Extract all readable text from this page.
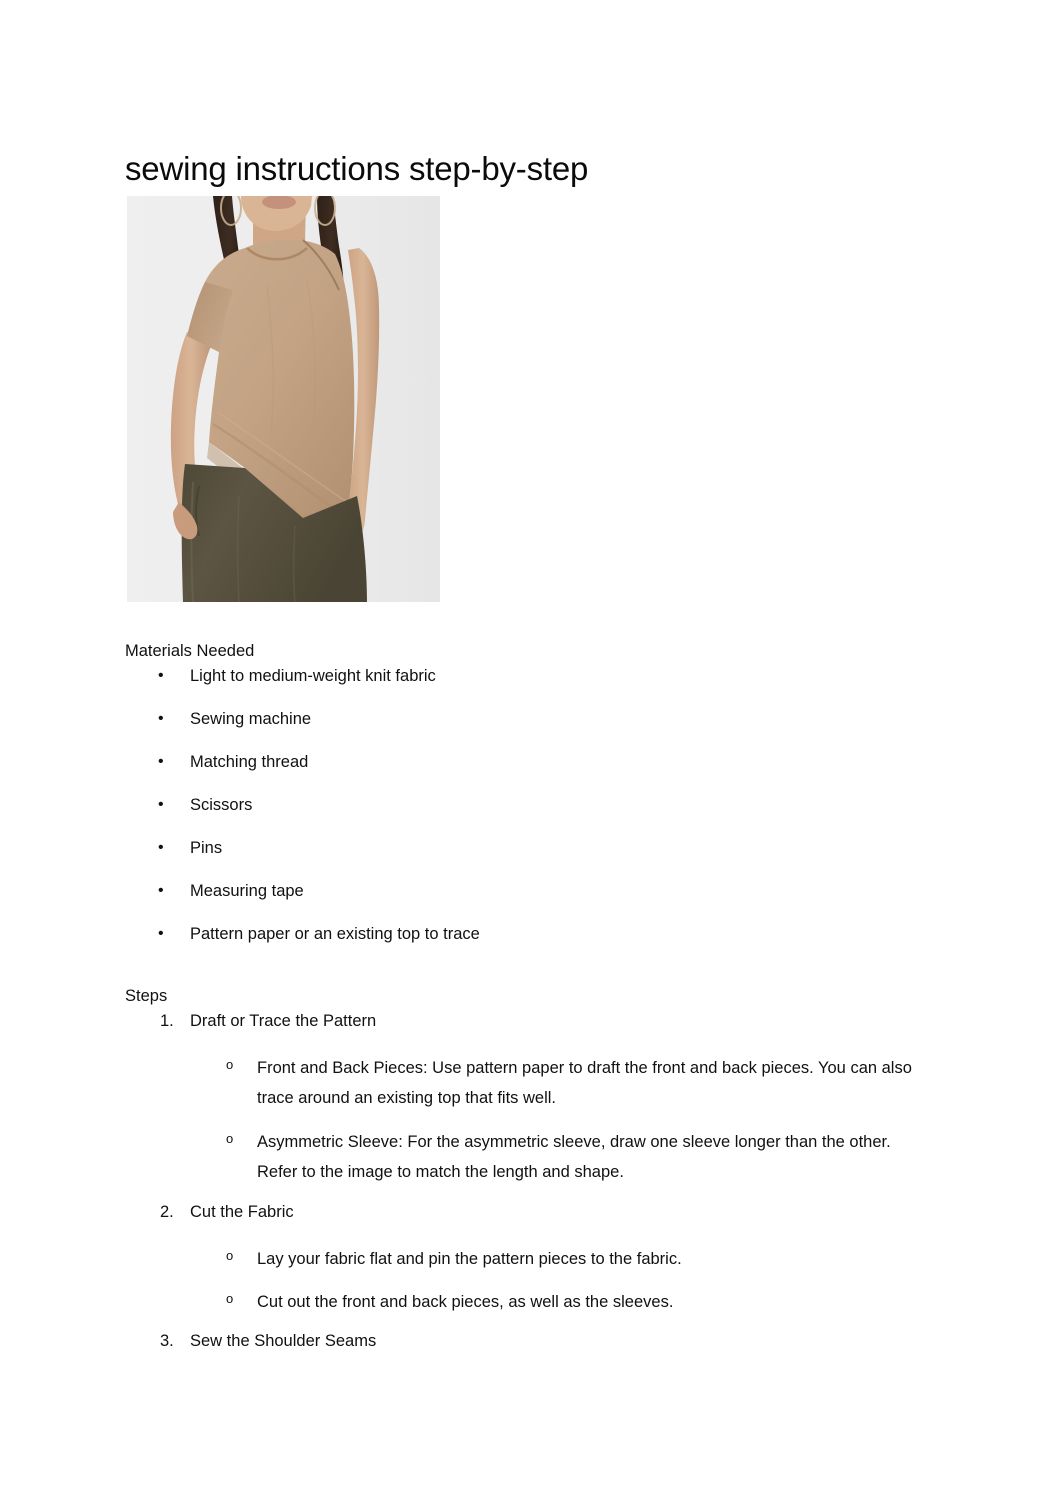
sewing instructions step-by-step

Materials Needed

• Light to medium-weight knit fabric
• Sewing machine
• Matching thread
• Scissors
• Pins
• Measuring tape
• Pattern paper or an existing top to trace

Steps

1. Draft or Trace the Pattern
o Front and Back Pieces: Use pattern paper to draft the front and back pieces. You can also trace around an existing top that fits well.
o Asymmetric Sleeve: For the asymmetric sleeve, draw one sleeve longer than the other. Refer to the image to match the length and shape.
2. Cut the Fabric
o Lay your fabric flat and pin the pattern pieces to the fabric.
o Cut out the front and back pieces, as well as the sleeves.
3. Sew the Shoulder Seams
